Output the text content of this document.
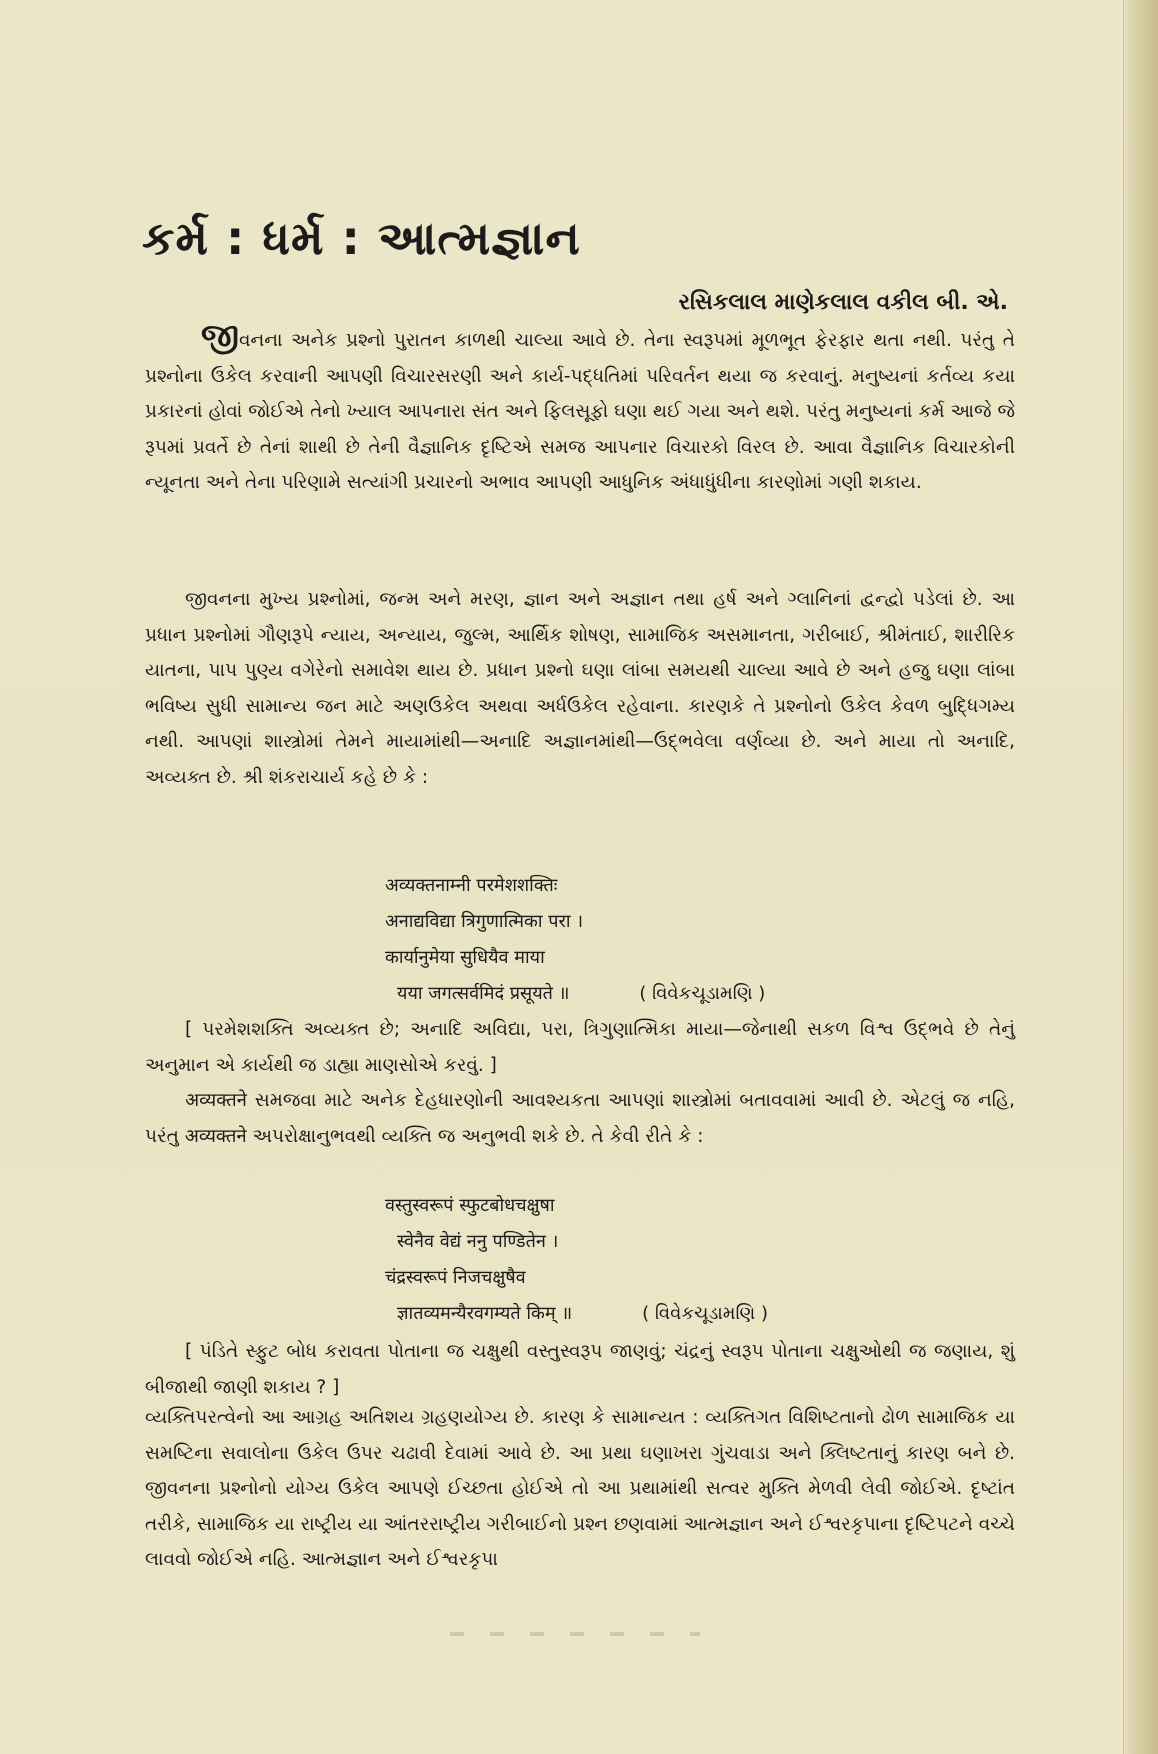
કર્મ : ધર્મ : આત્મજ્ઞાન
રસિકલાલ માણેકલાલ વકીલ બી. એ.
જીવનના અનેક પ્રશ્નો પુરાતન કાળથી ચાલ્યા આવે છે. તેના સ્વરૂપમાં મૂળભૂત ફેરફાર થતા નથી. પરંતુ તે પ્રશ્નોના ઉકેલ કરવાની આપણી વિચારસરણી અને કાર્ય-પદ્ધતિમાં પરિવર્તન થયા જ કરવાનું. મનુષ્યનાં કર્તવ્ય કયા પ્રકારનાં હોવાં જોઈએ તેનો ખ્યાલ આપનારા સંત અને ફિલસૂફો ઘણા થઈ ગયા અને થશે. પરંતુ મનુષ્યનાં કર્મ આજે જે રૂપમાં પ્રવર્તે છે તેનાં શાથી છે તેની વૈજ્ઞાનિક દૃષ્ટિએ સમજ આપનાર વિચારકો વિરલ છે. આવા વૈજ્ઞાનિક વિચારકોની ન્યૂનતા અને તેના પરિણામે સત્યાંગી પ્રચારનો અભાવ આપણી આધુનિક અંધાધુંધીના કારણોમાં ગણી શકાય.
જીવનના મુખ્ય પ્રશ્નોમાં, જન્મ અને મરણ, જ્ઞાન અને અજ્ઞાન તથા હર્ષ અને ગ્લાનિનાં દ્વન્દ્વો પડેલાં છે. આ પ્રધાન પ્રશ્નોમાં ગૌણરૂપે ન્યાય, અન્યાય, જુલ્મ, આર્થિક શોષણ, સામાજિક અસમાનતા, ગરીબાઈ, શ્રીમંતાઈ, શારીરિક યાતના, પાપ પુણ્ય વગેરેનો સમાવેશ થાય છે. પ્રધાન પ્રશ્નો ઘણા લાંબા સમયથી ચાલ્યા આવે છે અને હજુ ઘણા લાંબા ભવિષ્ય સુધી સામાન્ય જન માટે અણઉકેલ અથવા અર્ધઉકેલ રહેવાના. કારણકે તે પ્રશ્નોનો ઉકેલ કેવળ બુદ્ધિગમ્ય નથી. આપણાં શાસ્ત્રોમાં તેમને માયામાંથી—અનાદિ અજ્ઞાનમાંથી—ઉદ્ભવેલા વર્ણવ્યા છે. અને માયા તો અનાદિ, અવ્યક્ત છે. શ્રી શંકરાચાર્ય કહે છે કે :
अव्यक्तनाम्नी परमेशशक्तिः
अनाद्यविद्या त्रिगुणात्मिका परा ।
कार्यानुमेया सुधियैव माया
यया जगत्सर्वमिदं प्रसूयते ॥	( વિવેકચૂડામણિ )
[ પરમેશશક્તિ અવ્યક્ત છે; અનાદિ અવિદ્યા, પરા, ત્રિગુણાત્મિકા માયા—જેનાથી સકળ વિશ્વ ઉદ્ભવે છે તેનું અનુમાન એ કાર્યથી જ ડાહ્યા માણસોએ કરવું. ]
अव्यक्तने સમજવા માટે અનેક દેહધારણોની આવશ્યકતા આપણાં શાસ્ત્રોમાં બતાવવામાં આવી છે. એટલું જ નહિ, પરંતુ अव्यक्तने અપરોક્ષાનુભવથી વ્યક્તિ જ અનુભવી શકે છે. તે કેવી રીતે કે :
वस्तुस्वरूपं स्फुटबोधचक्षुषा
स्वेनैव वेद्यं ननु पण्डितेन ।
चंद्रस्वरूपं निजचक्षुषैव
ज्ञातव्यमन्यैरवगम्यते किम् ॥	( વિવેકચૂડામણિ )
[ પંડિતે સ્ફુટ બોધ કરાવતા પોતાના જ ચક્ષુથી વસ્તુસ્વરૂપ જાણવું; ચંદ્રનું સ્વરૂપ પોતાના ચક્ષુઓથી જ જણાય, શું બીજાથી જાણી શકાય ? ]
વ્યક્તિપરત્વેનો આ આગ્રહ અતિશય ગ્રહણયોગ્ય છે. કારણ કે સામાન્યત : વ્યક્તિગત વિશિષ્ટતાનો ઢોળ સામાજિક યા સમષ્ટિના સવાલોના ઉકેલ ઉપર ચઢાવી દેવામાં આવે છે. આ પ્રથા ઘણાખરા ગુંચવાડા અને ક્લિષ્ટતાનું કારણ બને છે. જીવનના પ્રશ્નોનો યોગ્ય ઉકેલ આપણે ઈચ્છતા હોઈએ તો આ પ્રથામાંથી સત્વર મુક્તિ મેળવી લેવી જોઈએ. દૃષ્ટાંત તરીકે, સામાજિક યા રાષ્ટ્રીય યા આંતરરાષ્ટ્રીય ગરીબાઈનો પ્રશ્ન છણવામાં આત્મજ્ઞાન અને ઈશ્વરકૃપાના દૃષ્ટિપટને વચ્ચે લાવવો જોઈએ નહિ. આત્મજ્ઞાન અને ઈશ્વરકૃપા
